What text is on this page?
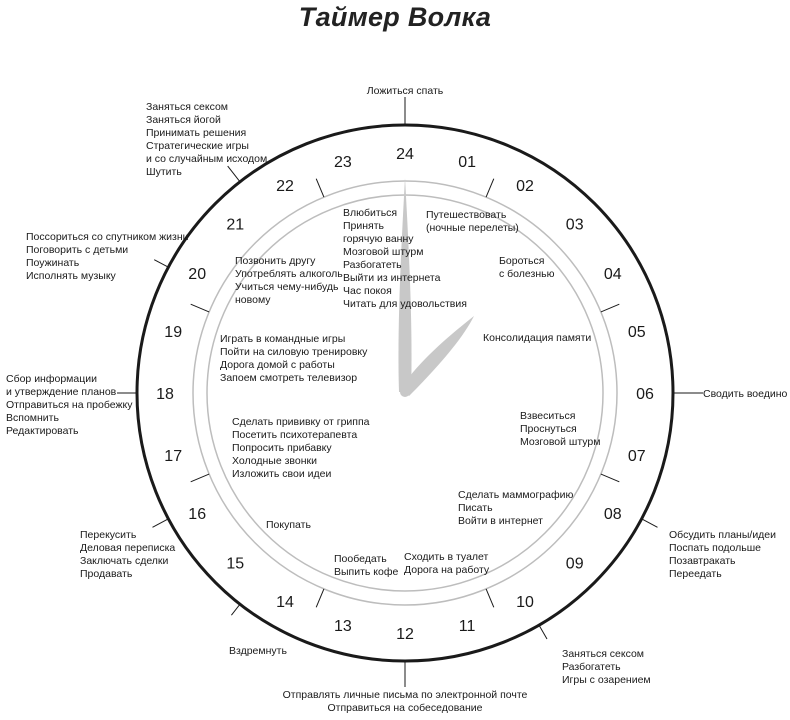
Таймер Волка
24	01
02
03
04
05
06
07
08
09
10
11
12
13
14
15
16
17
18
19
20
21
22
23
Ложиться спать
Заняться сексом
Заняться йогой
Принимать решения
Стратегические игры
и со случайным исходом
Шутить
Поссориться со спутником жизни
Поговорить с детьми
Поужинать
Исполнять музыку
Сбор информации
и утверждение планов
Отправиться на пробежку
Вспомнить
Редактировать
Сводить воедино
Перекусить
Деловая переписка
Заключать сделки
Продавать
Вздремнуть
Обсудить планы/идеи
Поспать подольше
Позавтракать
Переедать
Заняться сексом
Разбогатеть
Игры с озарением
Отправлять личные письма по электронной почте
Отправиться на собеседование
Влюбиться
Принять
горячую ванну
Мозговой штурм
Разбогатеть
Выйти из интернета
Час покоя
Читать для удовольствия
Путешествовать
(ночные перелеты)
Бороться
с болезнью
Консолидация памяти
Взвеситься
Проснуться
Мозговой штурм
Сделать маммографию
Писать
Войти в интернет
Сходить в туалет
Дорога на работу
Пообедать
Выпить кофе
Покупать
Сделать прививку от гриппа
Посетить психотерапевта
Попросить прибавку
Холодные звонки
Изложить свои идеи
Играть в командные игры
Пойти на силовую тренировку
Дорога домой с работы
Запоем смотреть телевизор
Позвонить другу
Употреблять алкоголь
Учиться чему-нибудь
новому
